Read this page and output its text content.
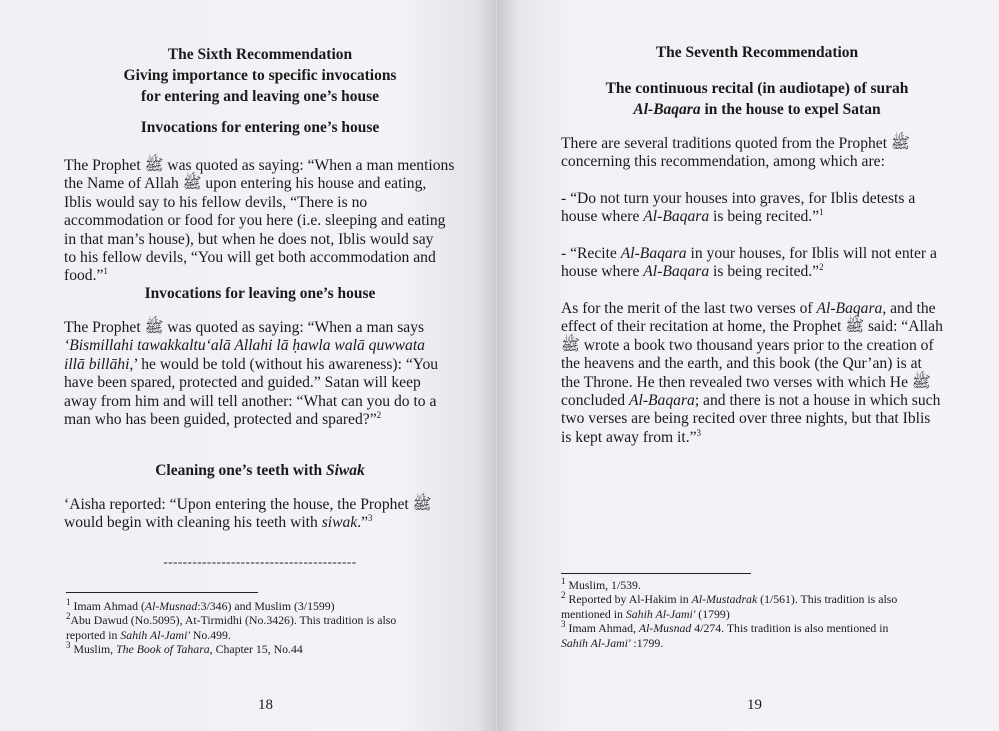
The Sixth Recommendation
Giving importance to specific invocations
for entering and leaving one’s house
Invocations for entering one’s house

The Prophet ﷺ was quoted as saying: “When a man mentions

the Name of Allah ﷺ upon entering his house and eating,

Iblis would say to his fellow devils, “There is no

accommodation or food for you here (i.e. sleeping and eating

in that man’s house), but when he does not, Iblis would say

to his fellow devils, “You will get both accommodation and

food.”$^1$

Invocations for leaving one’s house

The Prophet ﷺ was quoted as saying: “When a man says

‘Bismillahi tawakkaltu‘alā Allahi lā ḥawla walā quwwata

illā billāhi,’ he would be told (without his awareness): “You

have been spared, protected and guided.” Satan will keep

away from him and will tell another: “What can you do to a

man who has been guided, protected and spared?”$^2$

Cleaning one’s teeth with Siwak

‘Aisha reported: “Upon entering the house, the Prophet ﷺ

would begin with cleaning his teeth with siwak.”$^3$

----------------------------------------
$^1$ Imam Ahmad (Al-Musnad:3/346) and Muslim (3/1599)
$^2$Abu Dawud (No.5095), At-Tirmidhi (No.3426). This tradition is also
reported in Sahih Al-Jami' No.499.
$^3$ Muslim, The Book of Tahara, Chapter 15, No.44
18
The Seventh Recommendation
The continuous recital (in audiotape) of surah
Al-Baqara in the house to expel Satan

There are several traditions quoted from the Prophet ﷺ

concerning this recommendation, among which are:

- “Do not turn your houses into graves, for Iblis detests a

house where Al-Baqara is being recited.”$^1$

- “Recite Al-Baqara in your houses, for Iblis will not enter a

house where Al-Baqara is being recited.”$^2$

As for the merit of the last two verses of Al-Baqara, and the

effect of their recitation at home, the Prophet ﷺ said: “Allah

ﷺ wrote a book two thousand years prior to the creation of

the heavens and the earth, and this book (the Qur’an) is at

the Throne. He then revealed two verses with which He ﷺ

concluded Al-Baqara; and there is not a house in which such

two verses are being recited over three nights, but that Iblis

is kept away from it.”$^3$

$^1$ Muslim, 1/539.
$^2$ Reported by Al-Hakim in Al-Mustadrak (1/561). This tradition is also
mentioned in Sahih Al-Jami' (1799)
$^3$ Imam Ahmad, Al-Musnad 4/274. This tradition is also mentioned in
Sahih Al-Jami' :1799.
19
